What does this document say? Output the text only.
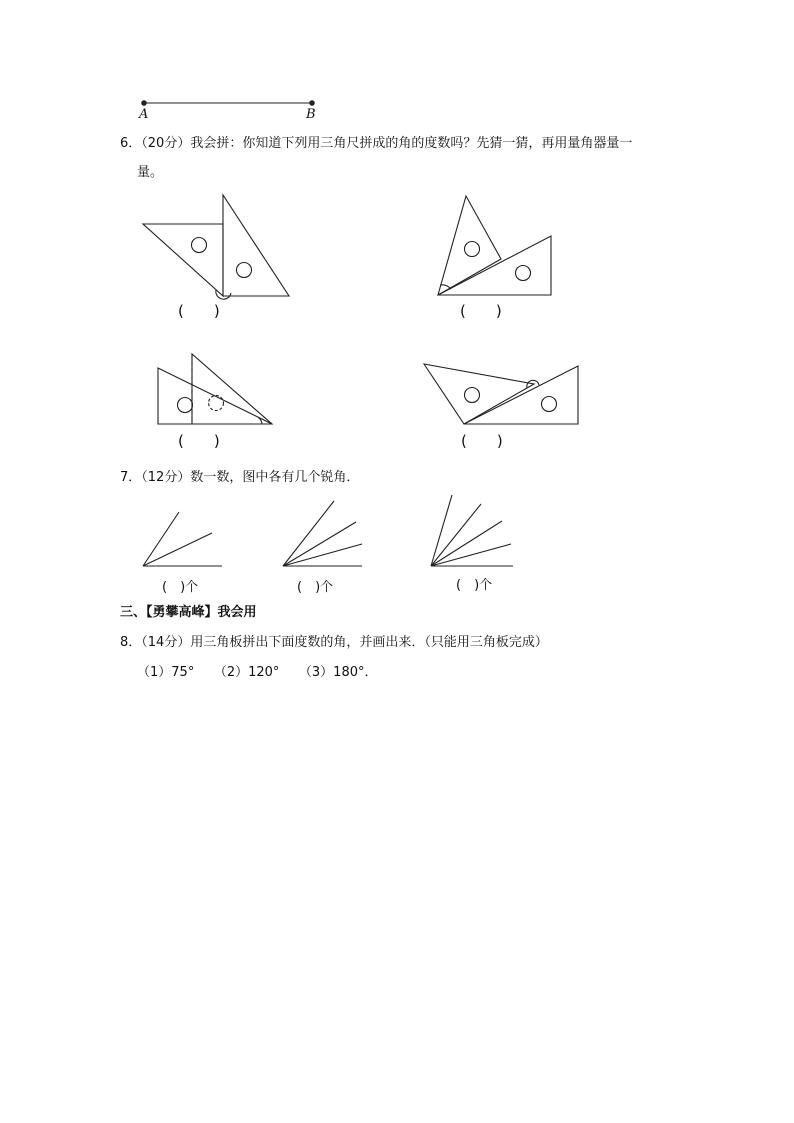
A	B
6．（20分）我会拼：你知道下列用三角尺拼成的角的度数吗？先猜一猜，再用量角器量一
量。
(　　)	(　　)
(　　)	(　　)
7．（12分）数一数，图中各有几个锐角．
(　)个	(　)个	(　)个
三、【勇攀高峰】我会用
8．（14分）用三角板拼出下面度数的角，并画出来．（只能用三角板完成）
（1）75°　　（2）120°　　（3）180°．
